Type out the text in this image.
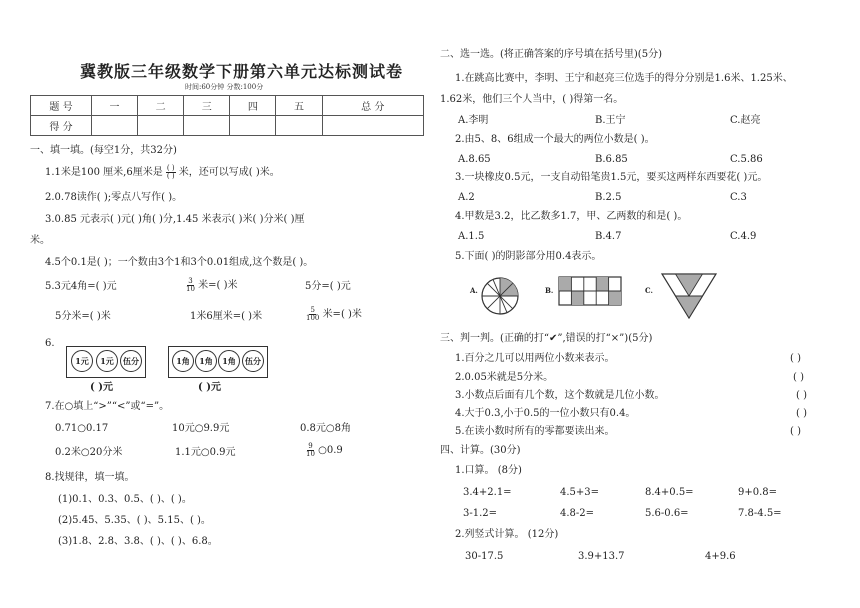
冀教版三年级数学下册第六单元达标测试卷
时间:60分钟 分数:100分
题 号	一	二	三	四	五	总 分
得 分						
一、填一填。(每空1分，共32分)
1.1米是100 厘米,6厘米是 $\frac{( )}{( )}$ 米，还可以写成( )米。
2.0.78读作( );零点八写作( )。
3.0.85 元表示( )元( )角( )分,1.45 米表示( )米( )分米( )厘
米。
4.5个0.1是( )；一个数由3个1和3个0.01组成,这个数是( )。
5.3元4角=( )元	$\frac{3}{10}$ 米=( )米	5分=( )元
5分米=( )米	1米6厘米=( )米	$\frac{5}{100}$ 米=( )米
6.
1元	1元	伍分	1角	1角	1角	伍分
( )元	( )元
7.在○填上“>”“<”或“=”。
0.71○0.17	10元○9.9元	0.8元○8角
0.2米○20分米	1.1元○0.9元	$\frac{9}{10}$ ○0.9
8.找规律，填一填。
(1)0.1、0.3、0.5、( )、( )。
(2)5.45、5.35、( )、5.15、( )。
(3)1.8、2.8、3.8、( )、( )、6.8。
二、选一选。(将正确答案的序号填在括号里)(5分)
1.在跳高比赛中，李明、王宁和赵亮三位选手的得分分别是1.6米、1.25米、
1.62米，他们三个人当中，( )得第一名。
A.李明	B.王宁	C.赵亮
2.由5、8、6组成一个最大的两位小数是( )。
A.8.65	B.6.85	C.5.86
3.一块橡皮0.5元，一支自动铅笔贵1.5元，要买这两样东西要花( )元。
A.2	B.2.5	C.3
4.甲数是3.2，比乙数多1.7，甲、乙两数的和是( )。
A.1.5	B.4.7	C.4.9
5.下面( )的阴影部分用0.4表示。
A.	B.	C.
三、判一判。(正确的打“✔”,错误的打“×”)(5分)
1.百分之几可以用两位小数来表示。	( )
2.0.05米就是5分米。	( )
3.小数点后面有几个数，这个数就是几位小数。	( )
4.大于0.3,小于0.5的一位小数只有0.4。	( )
5.在读小数时所有的零都要读出来。	( )
四、计算。(30分)
1.口算。 (8分)
3.4+2.1=	4.5+3=	8.4+0.5=	9+0.8=
3-1.2=	4.8-2=	5.6-0.6=	7.8-4.5=
2.列竖式计算。 (12分)
30-17.5	3.9+13.7	4+9.6
